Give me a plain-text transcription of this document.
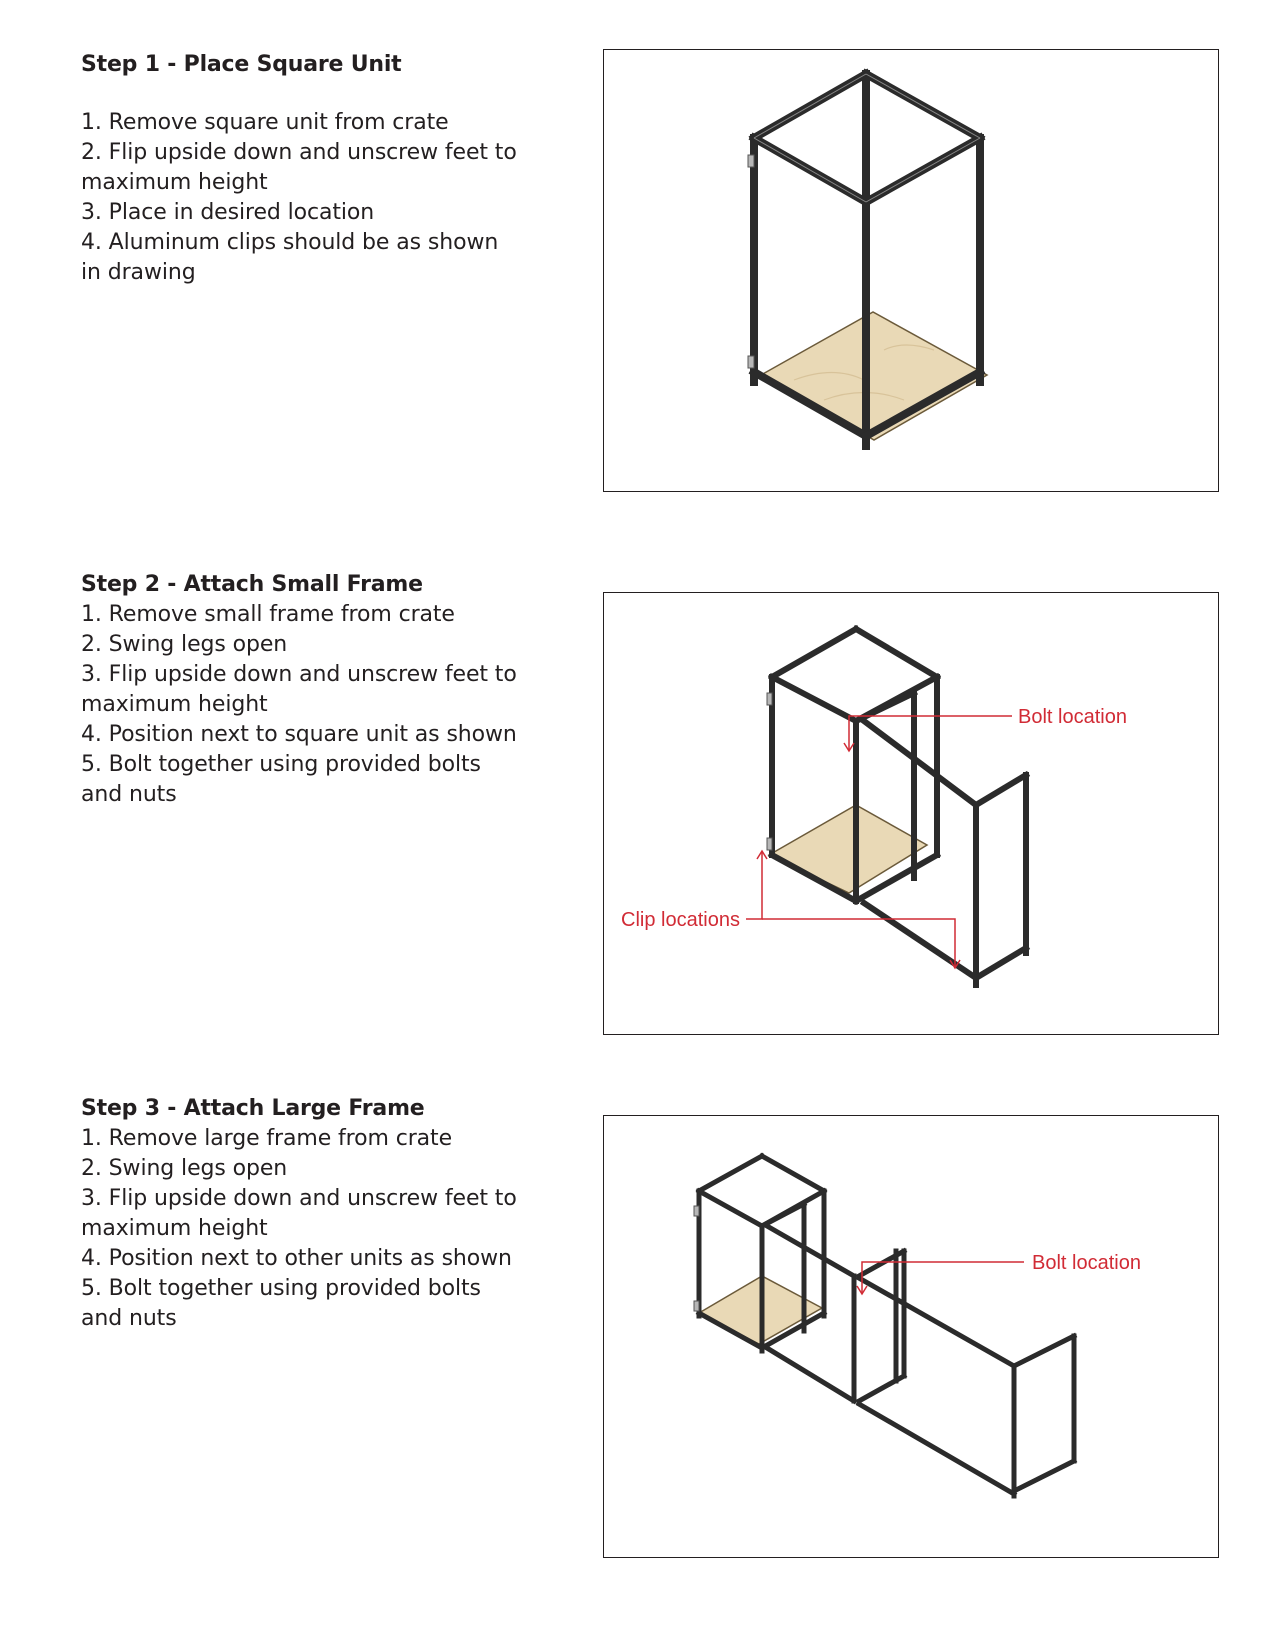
Step 1 - Place Square Unit
1. Remove square unit from crate
2. Flip upside down and unscrew feet to
maximum height
3. Place in desired location
4. Aluminum clips should be as shown
in drawing
Step 2 - Attach Small Frame
1. Remove small frame from crate
2. Swing legs open
3. Flip upside down and unscrew feet to
maximum height
4. Position next to square unit as shown
5. Bolt together using provided bolts
and nuts
Bolt location
Clip locations
Step 3 - Attach Large Frame
1. Remove large frame from crate
2. Swing legs open
3. Flip upside down and unscrew feet to
maximum height
4. Position next to other units as shown
5. Bolt together using provided bolts
and nuts
Bolt location
